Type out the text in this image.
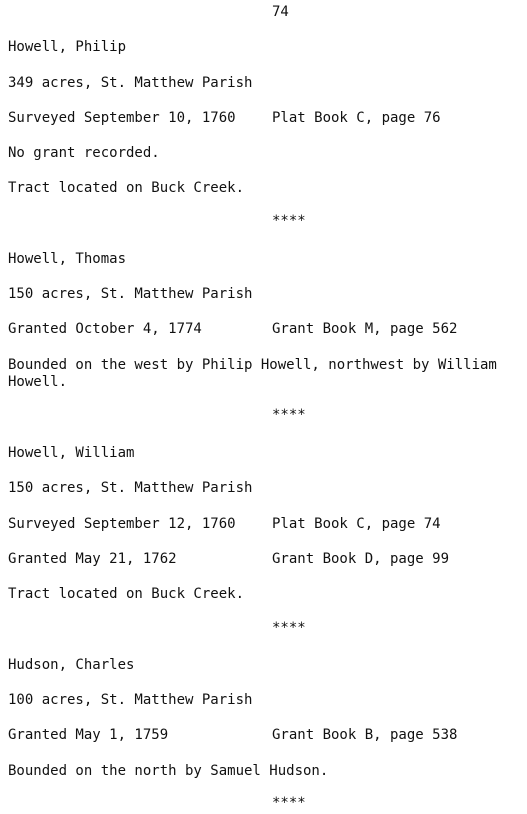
74
Howell, Philip
349 acres, St. Matthew Parish
Surveyed September 10, 1760	Plat Book C, page 76
No grant recorded.
Tract located on Buck Creek.
****
Howell, Thomas
150 acres, St. Matthew Parish
Granted October 4, 1774	Grant Book M, page 562
Bounded on the west by Philip Howell, northwest by William
Howell.
****
Howell, William
150 acres, St. Matthew Parish
Surveyed September 12, 1760	Plat Book C, page 74
Granted May 21, 1762	Grant Book D, page 99
Tract located on Buck Creek.
****
Hudson, Charles
100 acres, St. Matthew Parish
Granted May 1, 1759	Grant Book B, page 538
Bounded on the north by Samuel Hudson.
****
